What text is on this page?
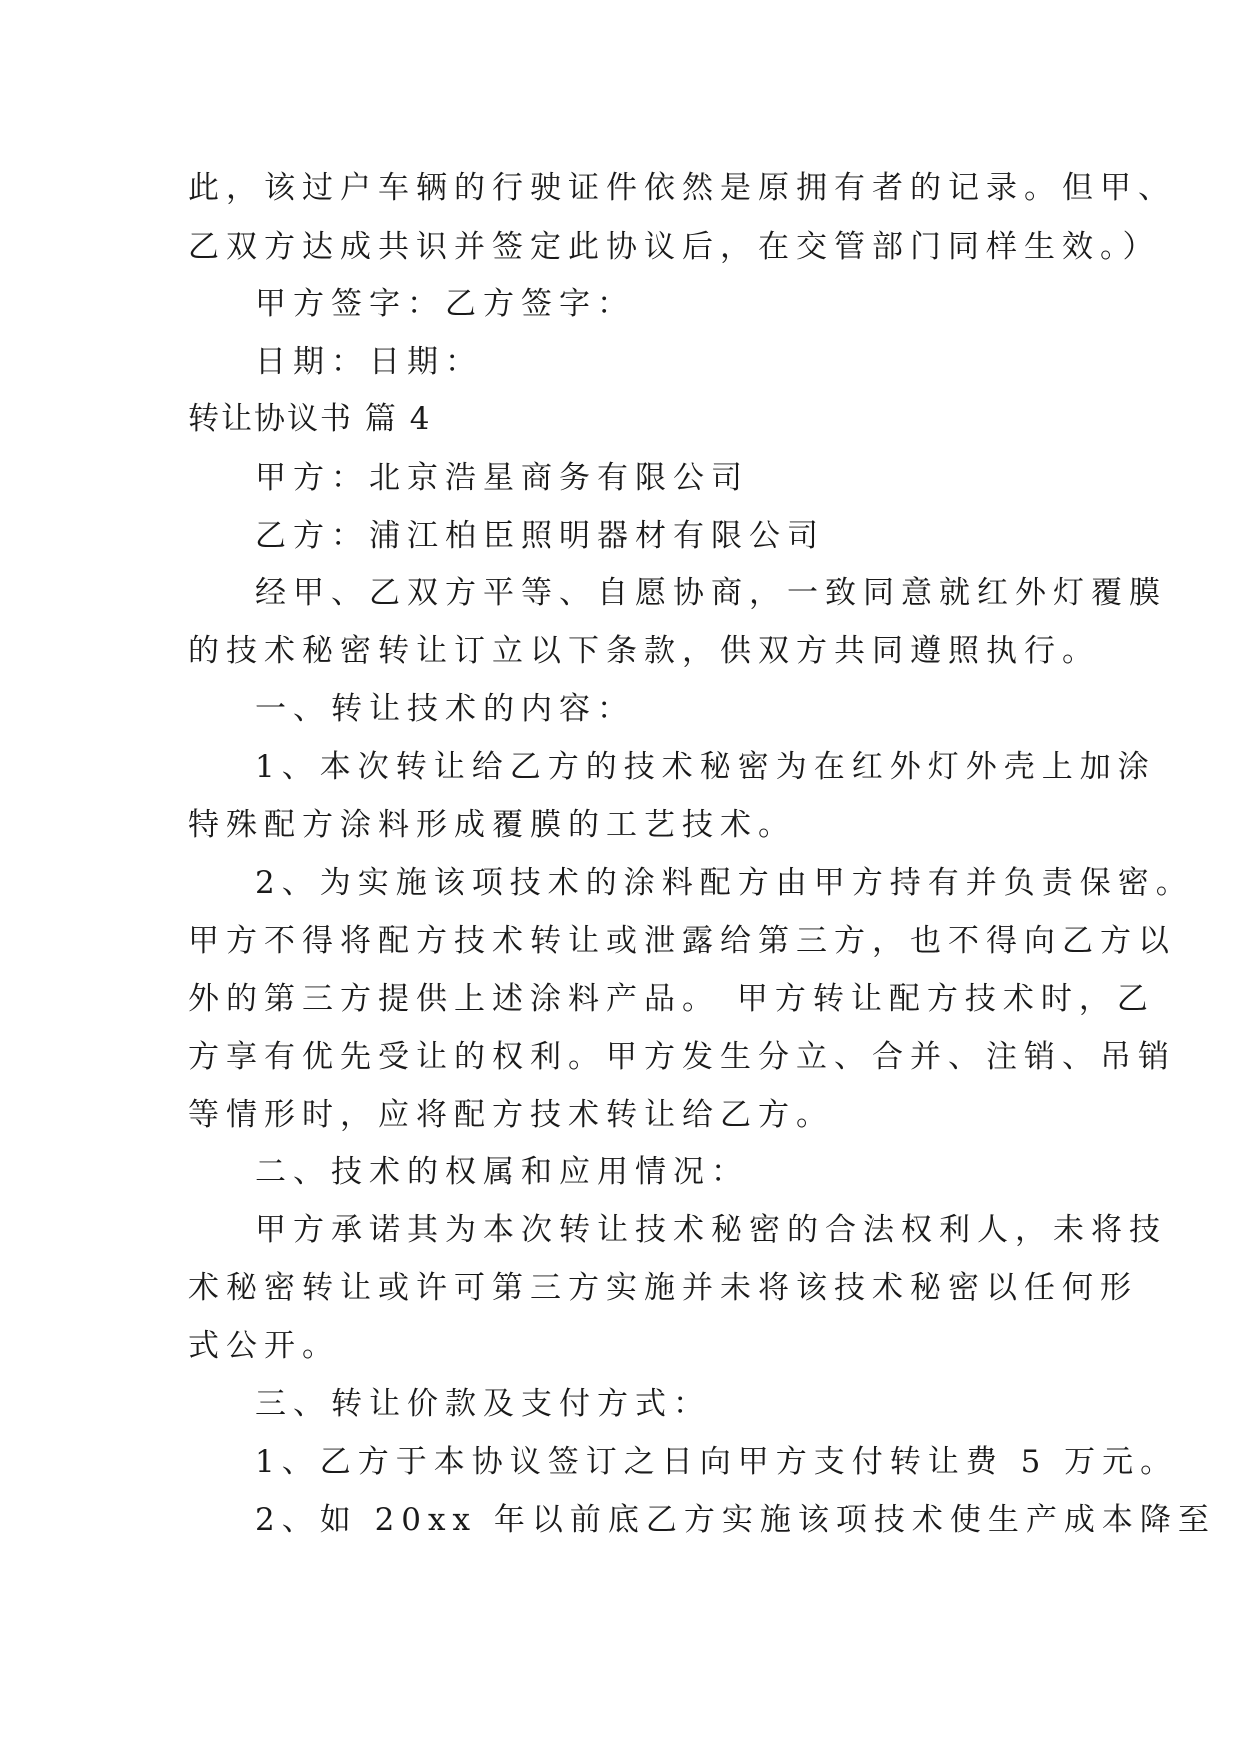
此，该过户车辆的行驶证件依然是原拥有者的记录。但甲、
乙双方达成共识并签定此协议后，在交管部门同样生效。）
甲方签字：乙方签字：
日期：日期：
转让协议书 篇 4
甲方：北京浩星商务有限公司
乙方：浦江柏臣照明器材有限公司
经甲、乙双方平等、自愿协商，一致同意就红外灯覆膜
的技术秘密转让订立以下条款，供双方共同遵照执行。
一、转让技术的内容：
1、本次转让给乙方的技术秘密为在红外灯外壳上加涂
特殊配方涂料形成覆膜的工艺技术。
2、为实施该项技术的涂料配方由甲方持有并负责保密。
甲方不得将配方技术转让或泄露给第三方，也不得向乙方以
外的第三方提供上述涂料产品。 甲方转让配方技术时，乙
方享有优先受让的权利。甲方发生分立、合并、注销、吊销
等情形时，应将配方技术转让给乙方。
二、技术的权属和应用情况：
甲方承诺其为本次转让技术秘密的合法权利人，未将技
术秘密转让或许可第三方实施并未将该技术秘密以任何形
式公开。
三、转让价款及支付方式：
1、乙方于本协议签订之日向甲方支付转让费 5 万元。
2、如 20xx 年以前底乙方实施该项技术使生产成本降至
